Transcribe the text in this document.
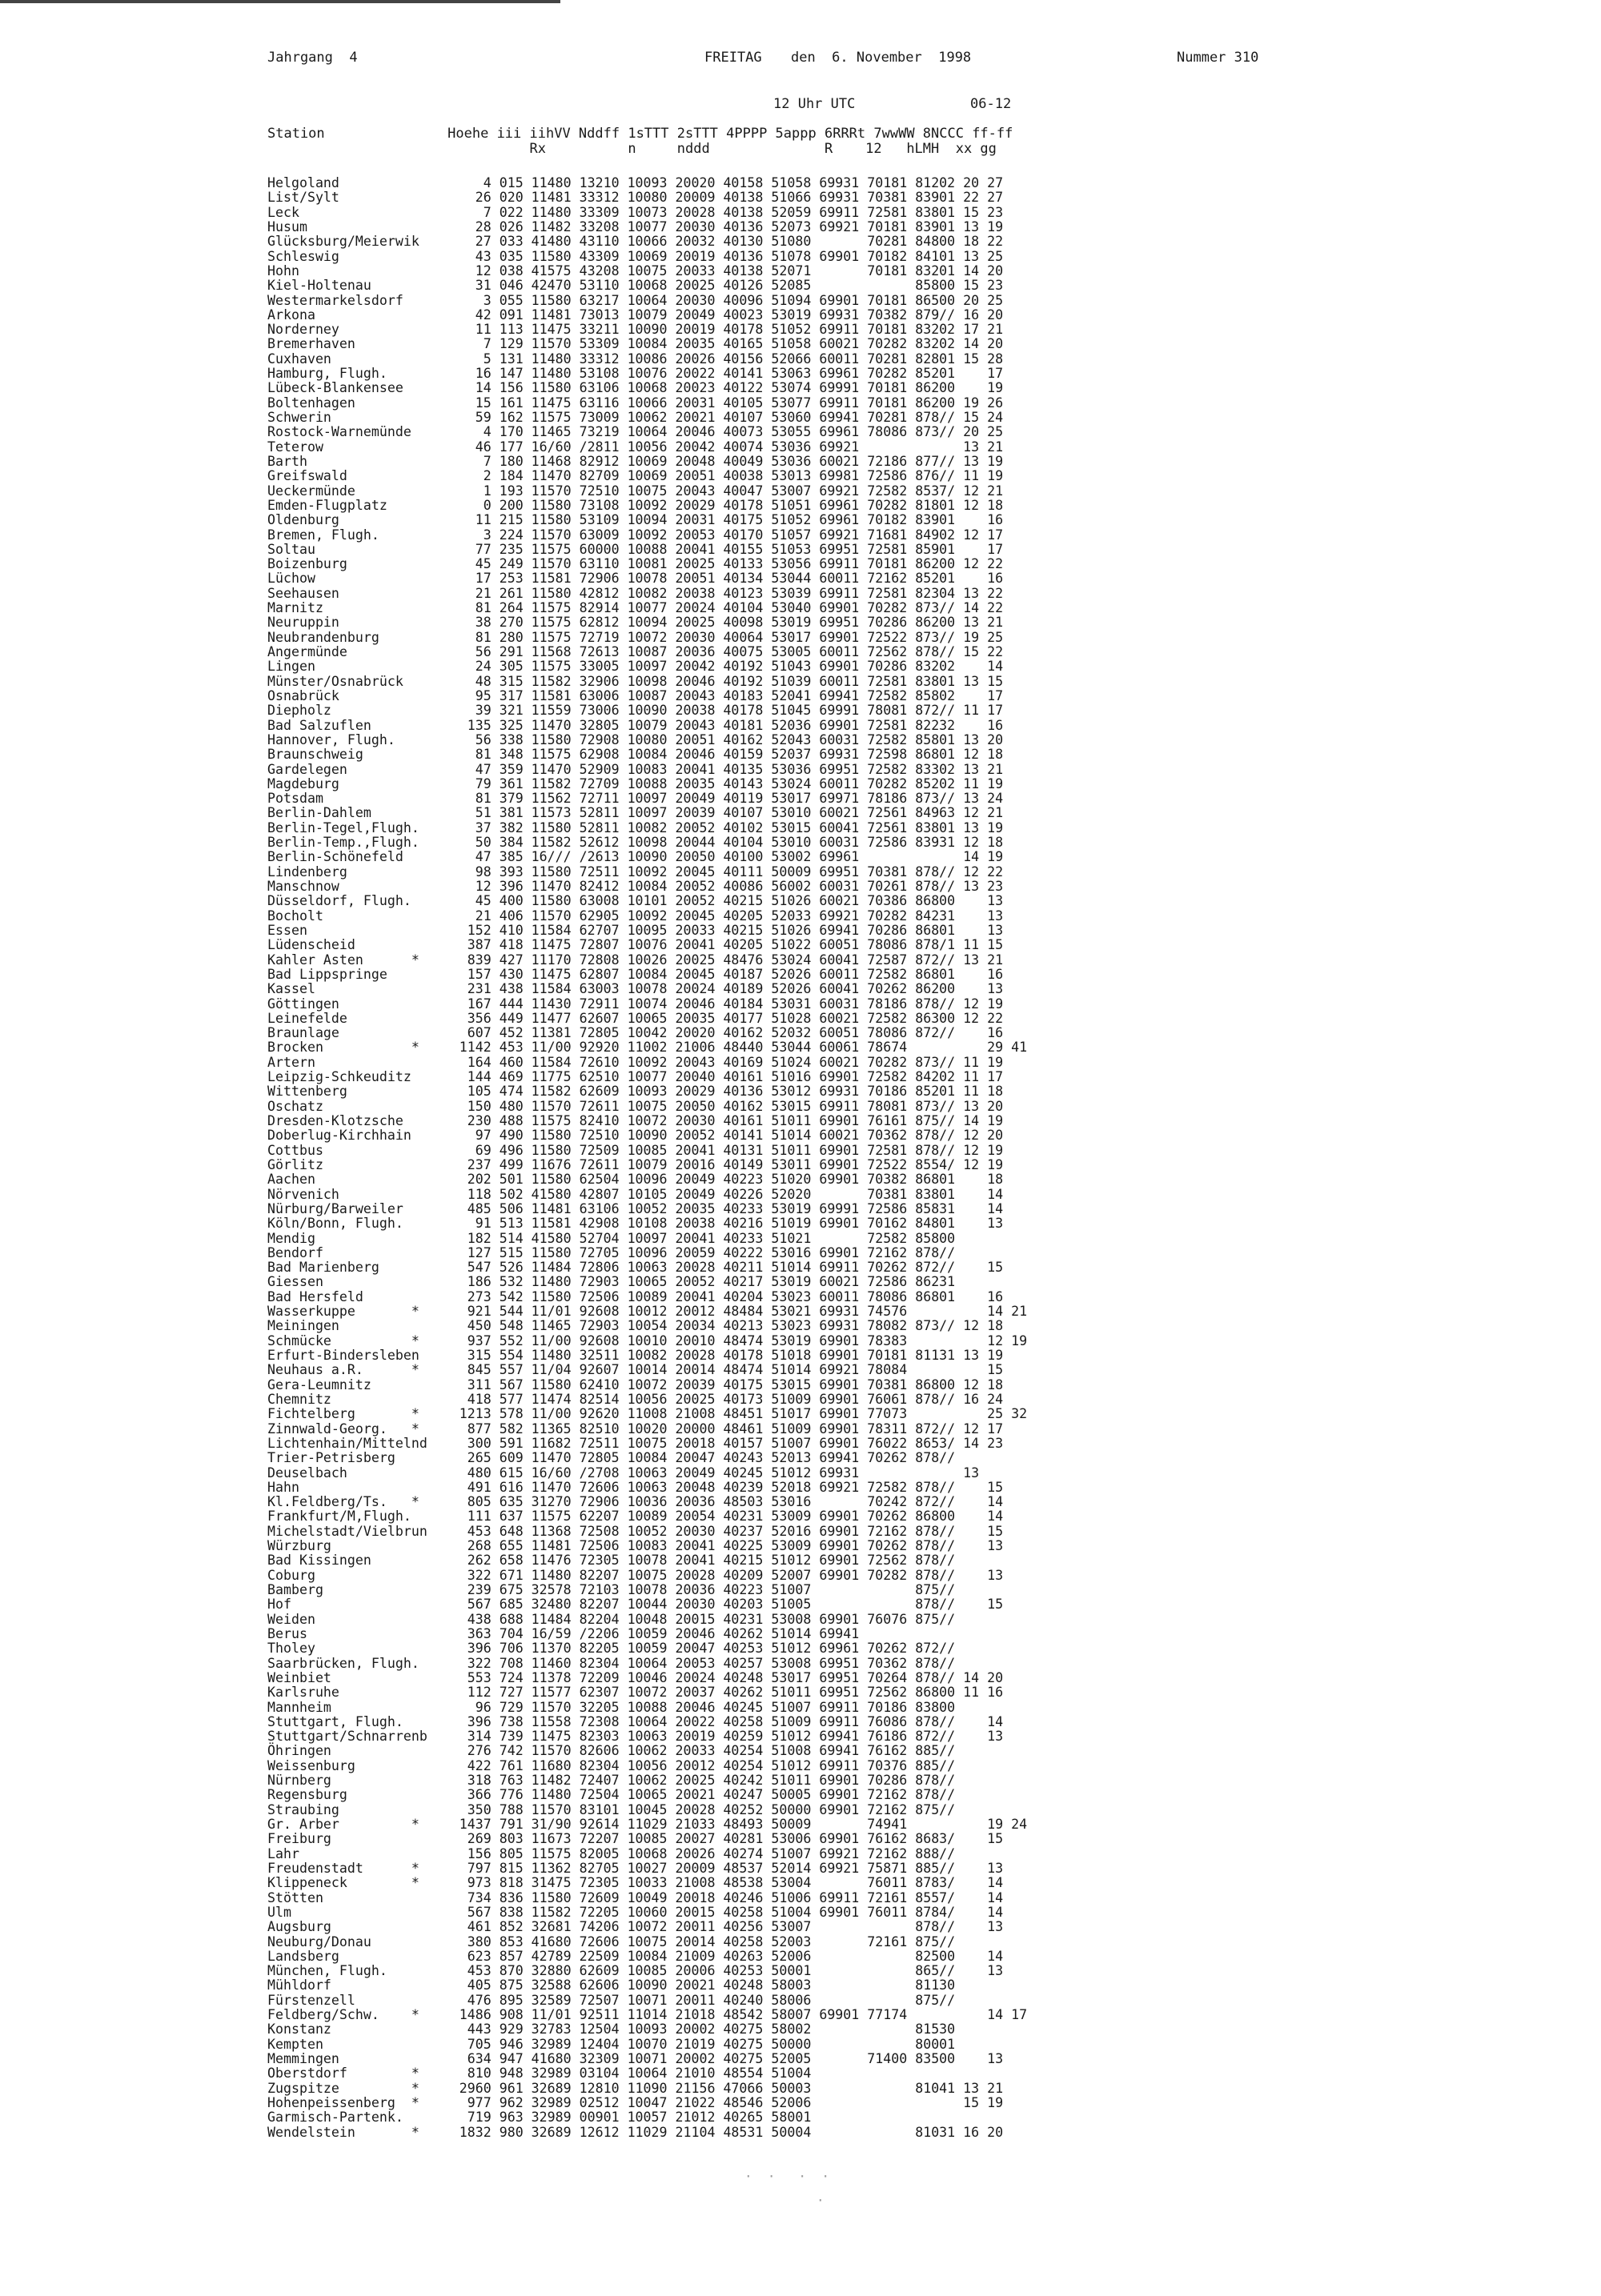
Jahrgang  4	FREITAG den  6. November  1998	Nummer 310
12 Uhr UTC	06-12
Station               Hoehe iii iihVV Nddff 1sTTT 2sTTT 4PPPP 5appp 6RRRt 7wwWW 8NCCC ff-ff
Rx          n     nddd              R    12   hLMH  xx gg
Helgoland                  4 015 11480 13210 10093 20020 40158 51058 69931 70181 81202 20 27
List/Sylt                 26 020 11481 33312 10080 20009 40138 51066 69931 70381 83901 22 27
Leck                       7 022 11480 33309 10073 20028 40138 52059 69911 72581 83801 15 23
Husum                     28 026 11482 33208 10077 20030 40136 52073 69921 70181 83901 13 19
Glücksburg/Meierwik       27 033 41480 43110 10066 20032 40130 51080       70281 84800 18 22
Schleswig                 43 035 11580 43309 10069 20019 40136 51078 69901 70182 84101 13 25
Hohn                      12 038 41575 43208 10075 20033 40138 52071       70181 83201 14 20
Kiel-Holtenau             31 046 42470 53110 10068 20025 40126 52085             85800 15 23
Westermarkelsdorf          3 055 11580 63217 10064 20030 40096 51094 69901 70181 86500 20 25
Arkona                    42 091 11481 73013 10079 20049 40023 53019 69931 70382 879// 16 20
Norderney                 11 113 11475 33211 10090 20019 40178 51052 69911 70181 83202 17 21
Bremerhaven                7 129 11570 53309 10084 20035 40165 51058 60021 70282 83202 14 20
Cuxhaven                   5 131 11480 33312 10086 20026 40156 52066 60011 70281 82801 15 28
Hamburg, Flugh.           16 147 11480 53108 10076 20022 40141 53063 69961 70282 85201    17
Lübeck-Blankensee         14 156 11580 63106 10068 20023 40122 53074 69991 70181 86200    19
Boltenhagen               15 161 11475 63116 10066 20031 40105 53077 69911 70181 86200 19 26
Schwerin                  59 162 11575 73009 10062 20021 40107 53060 69941 70281 878// 15 24
Rostock-Warnemünde         4 170 11465 73219 10064 20046 40073 53055 69961 78086 873// 20 25
Teterow                   46 177 16/60 /2811 10056 20042 40074 53036 69921             13 21
Barth                      7 180 11468 82912 10069 20048 40049 53036 60021 72186 877// 13 19
Greifswald                 2 184 11470 82709 10069 20051 40038 53013 69981 72586 876// 11 19
Ueckermünde                1 193 11570 72510 10075 20043 40047 53007 69921 72582 8537/ 12 21
Emden-Flugplatz            0 200 11580 73108 10092 20029 40178 51051 69961 70282 81801 12 18
Oldenburg                 11 215 11580 53109 10094 20031 40175 51052 69961 70182 83901    16
Bremen, Flugh.             3 224 11570 63009 10092 20053 40170 51057 69921 71681 84902 12 17
Soltau                    77 235 11575 60000 10088 20041 40155 51053 69951 72581 85901    17
Boizenburg                45 249 11570 63110 10081 20025 40133 53056 69911 70181 86200 12 22
Lüchow                    17 253 11581 72906 10078 20051 40134 53044 60011 72162 85201    16
Seehausen                 21 261 11580 42812 10082 20038 40123 53039 69911 72581 82304 13 22
Marnitz                   81 264 11575 82914 10077 20024 40104 53040 69901 70282 873// 14 22
Neuruppin                 38 270 11575 62812 10094 20025 40098 53019 69951 70286 86200 13 21
Neubrandenburg            81 280 11575 72719 10072 20030 40064 53017 69901 72522 873// 19 25
Angermünde                56 291 11568 72613 10087 20036 40075 53005 60011 72562 878// 15 22
Lingen                    24 305 11575 33005 10097 20042 40192 51043 69901 70286 83202    14
Münster/Osnabrück         48 315 11582 32906 10098 20046 40192 51039 60011 72581 83801 13 15
Osnabrück                 95 317 11581 63006 10087 20043 40183 52041 69941 72582 85802    17
Diepholz                  39 321 11559 73006 10090 20038 40178 51045 69991 78081 872// 11 17
Bad Salzuflen            135 325 11470 32805 10079 20043 40181 52036 69901 72581 82232    16
Hannover, Flugh.          56 338 11580 72908 10080 20051 40162 52043 60031 72582 85801 13 20
Braunschweig              81 348 11575 62908 10084 20046 40159 52037 69931 72598 86801 12 18
Gardelegen                47 359 11470 52909 10083 20041 40135 53036 69951 72582 83302 13 21
Magdeburg                 79 361 11582 72709 10088 20035 40143 53024 60011 70282 85202 11 19
Potsdam                   81 379 11562 72711 10097 20049 40119 53017 69971 78186 873// 13 24
Berlin-Dahlem             51 381 11573 52811 10097 20039 40107 53010 60021 72561 84963 12 21
Berlin-Tegel,Flugh.       37 382 11580 52811 10082 20052 40102 53015 60041 72561 83801 13 19
Berlin-Temp.,Flugh.       50 384 11582 52612 10098 20044 40104 53010 60031 72586 83931 12 18
Berlin-Schönefeld         47 385 16/// /2613 10090 20050 40100 53002 69961             14 19
Lindenberg                98 393 11580 72511 10092 20045 40111 50009 69951 70381 878// 12 22
Manschnow                 12 396 11470 82412 10084 20052 40086 56002 60031 70261 878// 13 23
Düsseldorf, Flugh.        45 400 11580 63008 10101 20052 40215 51026 60021 70386 86800    13
Bocholt                   21 406 11570 62905 10092 20045 40205 52033 69921 70282 84231    13
Essen                    152 410 11584 62707 10095 20033 40215 51026 69941 70286 86801    13
Lüdenscheid              387 418 11475 72807 10076 20041 40205 51022 60051 78086 878/1 11 15
Kahler Asten      *      839 427 11170 72808 10026 20025 48476 53024 60041 72587 872// 13 21
Bad Lippspringe          157 430 11475 62807 10084 20045 40187 52026 60011 72582 86801    16
Kassel                   231 438 11584 63003 10078 20024 40189 52026 60041 70262 86200    13
Göttingen                167 444 11430 72911 10074 20046 40184 53031 60031 78186 878// 12 19
Leinefelde               356 449 11477 62607 10065 20035 40177 51028 60021 72582 86300 12 22
Braunlage                607 452 11381 72805 10042 20020 40162 52032 60051 78086 872//    16
Brocken           *     1142 453 11/00 92920 11002 21006 48440 53044 60061 78674          29 41
Artern                   164 460 11584 72610 10092 20043 40169 51024 60021 70282 873// 11 19
Leipzig-Schkeuditz       144 469 11775 62510 10077 20040 40161 51016 69901 72582 84202 11 17
Wittenberg               105 474 11582 62609 10093 20029 40136 53012 69931 70186 85201 11 18
Oschatz                  150 480 11570 72611 10075 20050 40162 53015 69911 78081 873// 13 20
Dresden-Klotzsche        230 488 11575 82410 10072 20030 40161 51011 69901 76161 875// 14 19
Doberlug-Kirchhain        97 490 11580 72510 10090 20052 40141 51014 60021 70362 878// 12 20
Cottbus                   69 496 11580 72509 10085 20041 40131 51011 69901 72581 878// 12 19
Görlitz                  237 499 11676 72611 10079 20016 40149 53011 69901 72522 8554/ 12 19
Aachen                   202 501 11580 62504 10096 20049 40223 51020 69901 70382 86801    18
Nörvenich                118 502 41580 42807 10105 20049 40226 52020       70381 83801    14
Nürburg/Barweiler        485 506 11481 63106 10052 20035 40233 53019 69991 72586 85831    14
Köln/Bonn, Flugh.         91 513 11581 42908 10108 20038 40216 51019 69901 70162 84801    13
Mendig                   182 514 41580 52704 10097 20041 40233 51021       72582 85800
Bendorf                  127 515 11580 72705 10096 20059 40222 53016 69901 72162 878//
Bad Marienberg           547 526 11484 72806 10063 20028 40211 51014 69911 70262 872//    15
Giessen                  186 532 11480 72903 10065 20052 40217 53019 60021 72586 86231
Bad Hersfeld             273 542 11580 72506 10089 20041 40204 53023 60011 78086 86801    16
Wasserkuppe       *      921 544 11/01 92608 10012 20012 48484 53021 69931 74576          14 21
Meiningen                450 548 11465 72903 10054 20034 40213 53023 69931 78082 873// 12 18
Schmücke          *      937 552 11/00 92608 10010 20010 48474 53019 69901 78383          12 19
Erfurt-Bindersleben      315 554 11480 32511 10082 20028 40178 51018 69901 70181 81131 13 19
Neuhaus a.R.      *      845 557 11/04 92607 10014 20014 48474 51014 69921 78084          15
Gera-Leumnitz            311 567 11580 62410 10072 20039 40175 53015 69901 70381 86800 12 18
Chemnitz                 418 577 11474 82514 10056 20025 40173 51009 69901 76061 878// 16 24
Fichtelberg       *     1213 578 11/00 92620 11008 21008 48451 51017 69901 77073          25 32
Zinnwald-Georg.   *      877 582 11365 82510 10020 20000 48461 51009 69901 78311 872// 12 17
Lichtenhain/Mittelnd     300 591 11682 72511 10075 20018 40157 51007 69901 76022 8653/ 14 23
Trier-Petrisberg         265 609 11470 72805 10084 20047 40243 52013 69941 70262 878//
Deuselbach               480 615 16/60 /2708 10063 20049 40245 51012 69931             13
Hahn                     491 616 11470 72606 10063 20048 40239 52018 69921 72582 878//    15
Kl.Feldberg/Ts.   *      805 635 31270 72906 10036 20036 48503 53016       70242 872//    14
Frankfurt/M,Flugh.       111 637 11575 62207 10089 20054 40231 53009 69901 70262 86800    14
Michelstadt/Vielbrun     453 648 11368 72508 10052 20030 40237 52016 69901 72162 878//    15
Würzburg                 268 655 11481 72506 10083 20041 40225 53009 69901 70262 878//    13
Bad Kissingen            262 658 11476 72305 10078 20041 40215 51012 69901 72562 878//
Coburg                   322 671 11480 82207 10075 20028 40209 52007 69901 70282 878//    13
Bamberg                  239 675 32578 72103 10078 20036 40223 51007             875//
Hof                      567 685 32480 82207 10044 20030 40203 51005             878//    15
Weiden                   438 688 11484 82204 10048 20015 40231 53008 69901 76076 875//
Berus                    363 704 16/59 /2206 10059 20046 40262 51014 69941
Tholey                   396 706 11370 82205 10059 20047 40253 51012 69961 70262 872//
Saarbrücken, Flugh.      322 708 11460 82304 10064 20053 40257 53008 69951 70362 878//
Weinbiet                 553 724 11378 72209 10046 20024 40248 53017 69951 70264 878// 14 20
Karlsruhe                112 727 11577 62307 10072 20037 40262 51011 69951 72562 86800 11 16
Mannheim                  96 729 11570 32205 10088 20046 40245 51007 69911 70186 83800
Stuttgart, Flugh.        396 738 11558 72308 10064 20022 40258 51009 69911 76086 878//    14
Stuttgart/Schnarrenb     314 739 11475 82303 10063 20019 40259 51012 69941 76186 872//    13
Öhringen                 276 742 11570 82606 10062 20033 40254 51008 69941 76162 885//
Weissenburg              422 761 11680 82304 10056 20012 40254 51012 69911 70376 885//
Nürnberg                 318 763 11482 72407 10062 20025 40242 51011 69901 70286 878//
Regensburg               366 776 11480 72504 10065 20021 40247 50005 69901 72162 878//
Straubing                350 788 11570 83101 10045 20028 40252 50000 69901 72162 875//
Gr. Arber         *     1437 791 31/90 92614 11029 21033 48493 50009       74941          19 24
Freiburg                 269 803 11673 72207 10085 20027 40281 53006 69901 76162 8683/    15
Lahr                     156 805 11575 82005 10068 20026 40274 51007 69921 72162 888//
Freudenstadt      *      797 815 11362 82705 10027 20009 48537 52014 69921 75871 885//    13
Klippeneck        *      973 818 31475 72305 10033 21008 48538 53004       76011 8783/    14
Stötten                  734 836 11580 72609 10049 20018 40246 51006 69911 72161 8557/    14
Ulm                      567 838 11582 72205 10060 20015 40258 51004 69901 76011 8784/    14
Augsburg                 461 852 32681 74206 10072 20011 40256 53007             878//    13
Neuburg/Donau            380 853 41680 72606 10075 20014 40258 52003       72161 875//
Landsberg                623 857 42789 22509 10084 21009 40263 52006             82500    14
München, Flugh.          453 870 32880 62609 10085 20006 40253 50001             865//    13
Mühldorf                 405 875 32588 62606 10090 20021 40248 58003             81130
Fürstenzell              476 895 32589 72507 10071 20011 40240 58006             875//
Feldberg/Schw.    *     1486 908 11/01 92511 11014 21018 48542 58007 69901 77174          14 17
Konstanz                 443 929 32783 12504 10093 20002 40275 58002             81530
Kempten                  705 946 32989 12404 10070 21019 40275 50000             80001
Memmingen                634 947 41680 32309 10071 20002 40275 52005       71400 83500    13
Oberstdorf        *      810 948 32989 03104 10064 21010 48554 51004
Zugspitze         *     2960 961 32689 12810 11090 21156 47066 50003             81041 13 21
Hohenpeissenberg  *      977 962 32989 02512 10047 21022 48546 52006                   15 19
Garmisch-Partenk.        719 963 32989 00901 10057 21012 40265 58001
Wendelstein       *     1832 980 32689 12612 11029 21104 48531 50004             81031 16 20
·  ·   ·  ·
·
